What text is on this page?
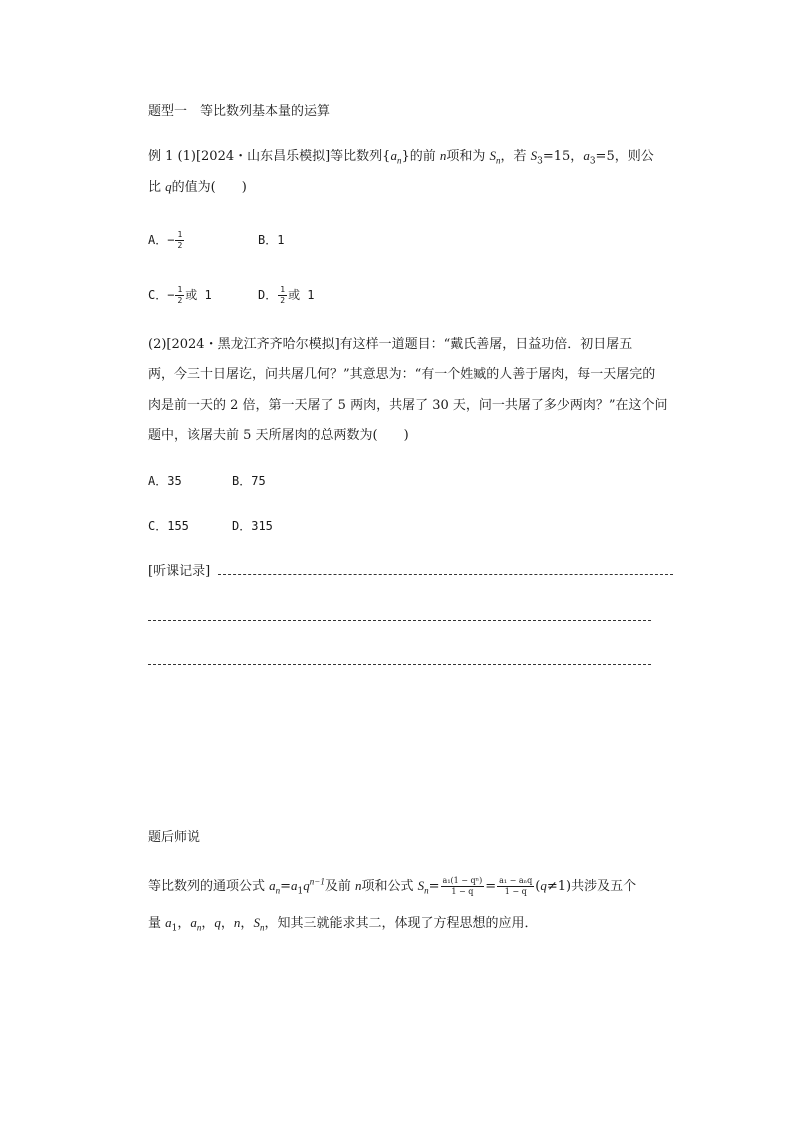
题型一　等比数列基本量的运算
例 1 (1)[2024・山东昌乐模拟]等比数列$\{a_n\}$的前 n项和为 $S_n$，若 $S_3=15$，$a_3=5$，则公
比 q的值为(　　)
A．− $\frac{1}{2}$	B．1
C．− $\frac{1}{2}$ 或 1	D． $\frac{1}{2}$ 或 1
(2)[2024・黑龙江齐齐哈尔模拟]有这样一道题目：“戴氏善屠，日益功倍．初日屠五
两，今三十日屠讫，问共屠几何？”其意思为：“有一个姓臧的人善于屠肉，每一天屠完的
肉是前一天的 2 倍，第一天屠了 5 两肉，共屠了 30 天，问一共屠了多少两肉？”在这个问
题中，该屠夫前 5 天所屠肉的总两数为(　　)
A．35	B．75
C．155	D．315
[听课记录]
题后师说
等比数列的通项公式 $a_n=a_1q^{n-1}$及前 n项和公式 $S_n= \frac{\text{a₁(1 − qⁿ)}}{1 - q} = \frac{\text{a₁ − aₙq}}{1 - q} (q\ne 1)$共涉及五个
量 $a_1$，$a_n$，q，n，$S_n$，知其三就能求其二，体现了方程思想的应用．
